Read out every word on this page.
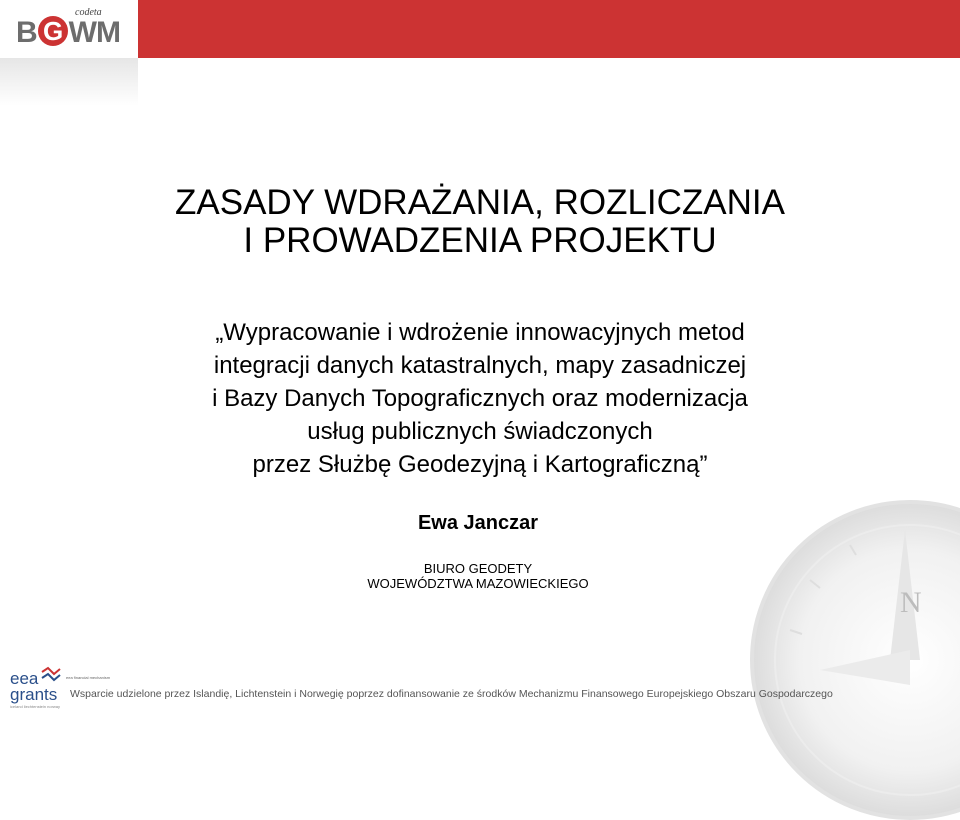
codeta
B G WM
ZASADY WDRAŻANIA, ROZLICZANIA
I PROWADZENIA PROJEKTU

„Wypracowanie i wdrożenie innowacyjnych metod
integracji danych katastralnych, mapy zasadniczej
i Bazy Danych Topograficznych oraz modernizacja
usług publicznych świadczonych
przez Służbę Geodezyjną i Kartograficzną”

Ewa Janczar
BIURO GEODETY
WOJEWÓDZTWA MAZOWIECKIEGO
N
eea
grants
iceland liechtenstein norway
eea financial mechanism
Wsparcie udzielone przez Islandię, Lichtenstein i Norwegię poprzez dofinansowanie ze środków Mechanizmu Finansowego Europejskiego Obszaru Gospodarczego
